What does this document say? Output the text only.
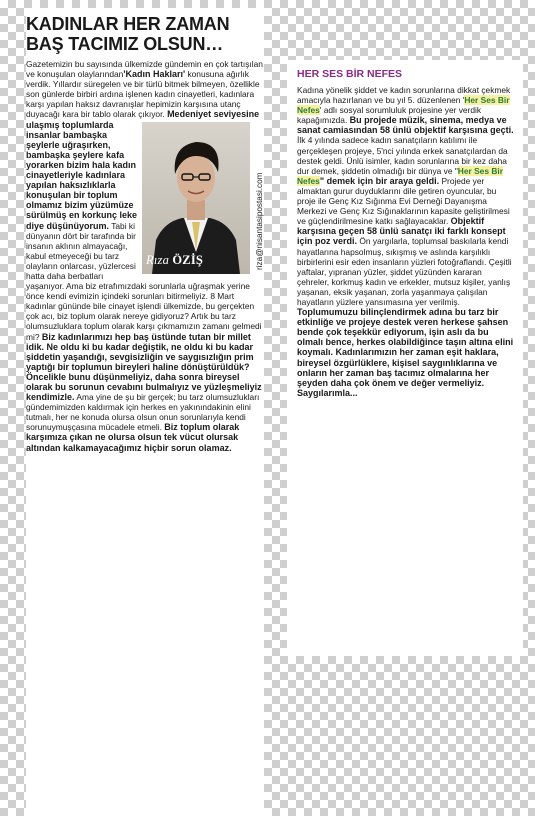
KADINLAR HER ZAMAN
BAŞ TACIMIZ OLSUN…

Gazetemizin bu sayısında ülkemizde gündemin en çok tartışılan ve konuşulan olaylarından'Kadın Hakları' konusuna ağırlık verdik. Yıllardır süregelen ve bir türlü bitmek bilmeyen, özellikle son günlerde birbiri ardına işlenen kadın cinayetleri, kadınlara karşı yapılan haksız davranışlar hepimizin karşısına utanç duyacağı kara bir tablo olarak çıkıyor.
Rıza ÖZİŞ	riza@nisantasipostasi.com
Medeniyet seviyesine ulaşmış toplumlarda insanlar bambaşka şeylerle uğraşırken, bambaşka şeylere kafa yorarken bizim hala kadın cinayetleriyle kadınlara yapılan haksızlıklarla konuşulan bir toplum olmamız bizim yüzümüze sürülmüş en korkunç leke diye düşünüyorum. Tabi ki dünyanın dört bir tarafında bir insanın aklının almayacağı, kabul etmeyeceği bu tarz olayların onlarcası, yüzlercesi hatta daha berbatları yaşanıyor. Ama biz etrafımızdaki sorunlarla uğraşmak yerine önce kendi evimizin içindeki sorunları bitirmeliyiz. 8 Mart kadınlar gününde bile cinayet işlendi ülkemizde, bu gerçekten çok acı, biz toplum olarak nereye gidiyoruz? Artık bu tarz olumsuzluklara toplum olarak karşı çıkmamızın zamanı gelmedi mi? Biz kadınlarımızı hep baş üstünde tutan bir millet idik. Ne oldu ki bu kadar değiştik, ne oldu ki bu kadar şiddetin yaşandığı, sevgisizliğin ve saygısızlığın prim yaptığı bir toplumun bireyleri haline dönüştürüldük? Öncelikle bunu düşünmeliyiz, daha sonra bireysel olarak bu sorunun cevabını bulmalıyız ve yüzleşmeliyiz kendimizle. Ama yine de şu bir gerçek; bu tarz olumsuzlukları gündemimizden kaldırmak için herkes en yakınındakinin elini tutmalı, her ne konuda olursa olsun onun sorunlarıyla kendi sorunuymuşçasına mücadele etmeli. Biz toplum olarak karşımıza çıkan ne olursa olsun tek vücut olursak altından kalkamayacağımız hiçbir sorun olamaz.

HER SES BİR NEFES

Kadına yönelik şiddet ve kadın sorunlarına dikkat çekmek amacıyla hazırlanan ve bu yıl 5. düzenlenen 'Her Ses Bir Nefes' adlı sosyal sorumluluk projesine yer verdik kapağımızda. Bu projede müzik, sinema, medya ve sanat camiasından 58 ünlü objektif karşısına geçti. İlk 4 yılında sadece kadın sanatçıların katılımı ile gerçekleşen projeye, 5'nci yılında erkek sanatçılardan da destek geldi. Ünlü isimler, kadın sorunlarına bir kez daha dur demek, şiddetin olmadığı bir dünya ve "Her Ses Bir Nefes" demek için bir araya geldi. Projede yer almaktan gurur duyduklarını dile getiren oyuncular, bu proje ile Genç Kız Sığınma Evi Derneği Dayanışma Merkezi ve Genç Kız Sığınaklarının kapasite geliştirilmesi ve güçlendirilmesine katkı sağlayacaklar. Objektif karşısına geçen 58 ünlü sanatçı iki farklı konsept için poz verdi. Ön yargılarla, toplumsal baskılarla kendi hayatlarına hapsolmuş, sıkışmış ve aslında karşılıklı birbirlerini esir eden insanların yüzleri fotoğraflandı. Çeşitli yaftalar, yıpranan yüzler, şiddet yüzünden kararan çehreler, korkmuş kadın ve erkekler, mutsuz kişiler, yanlış yaşanan, eksik yaşanan, zorla yaşanmaya çalışılan hayatların yüzlere yansımasına yer verilmiş. Toplumumuzu bilinçlendirmek adına bu tarz bir etkinliğe ve projeye destek veren herkese şahsen bende çok teşekkür ediyorum, işin aslı da bu olmalı bence, herkes olabildiğince taşın altına elini koymalı. Kadınlarımızın her zaman eşit haklara, bireysel özgürlüklere, kişisel saygınlıklarına ve onların her zaman baş tacımız olmalarına her şeyden daha çok önem ve değer vermeliyiz.

Saygılarımla...
